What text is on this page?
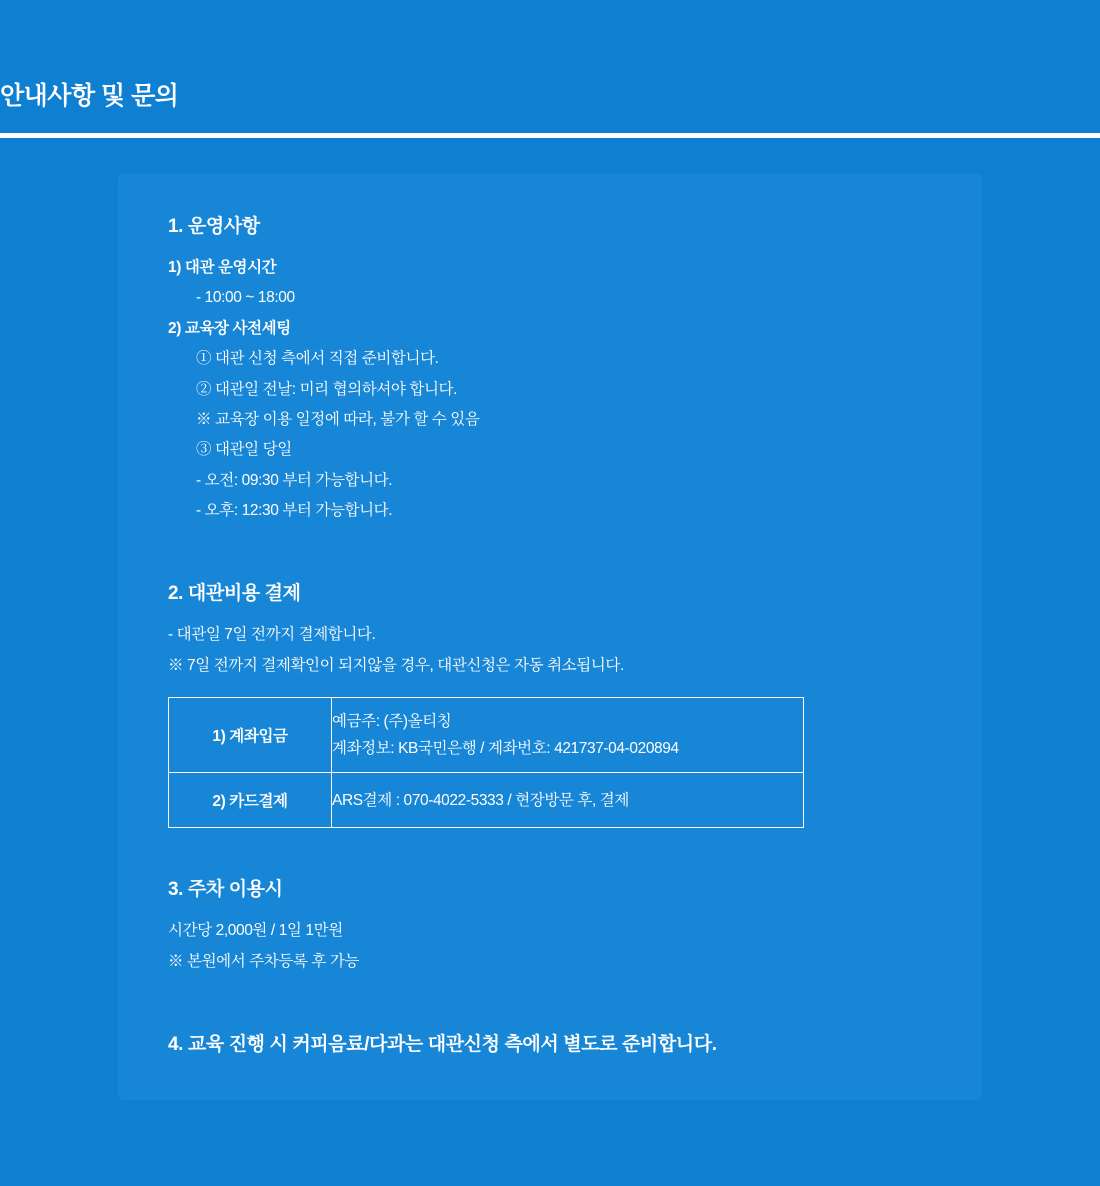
안내사항 및 문의
1. 운영사항
1) 대관 운영시간
- 10:00 ~ 18:00
2) 교육장 사전세팅
① 대관 신청 측에서 직접 준비합니다.
② 대관일 전날: 미리 협의하셔야 합니다.
※ 교육장 이용 일정에 따라, 불가 할 수 있음
③ 대관일 당일
- 오전: 09:30 부터 가능합니다.
- 오후: 12:30 부터 가능합니다.
2. 대관비용 결제
- 대관일 7일 전까지 결제합니다.
※ 7일 전까지 결제확인이 되지않을 경우, 대관신청은 자동 취소됩니다.
1) 계좌입금	예금주: (주)올티칭
계좌정보: KB국민은행 / 계좌번호: 421737-04-020894

2) 카드결제	ARS결제 : 070-4022-5333 / 현장방문 후, 결제
3. 주차 이용시
시간당 2,000원 / 1일 1만원
※ 본원에서 주차등록 후 가능
4. 교육 진행 시 커피음료/다과는 대관신청 측에서 별도로 준비합니다.
